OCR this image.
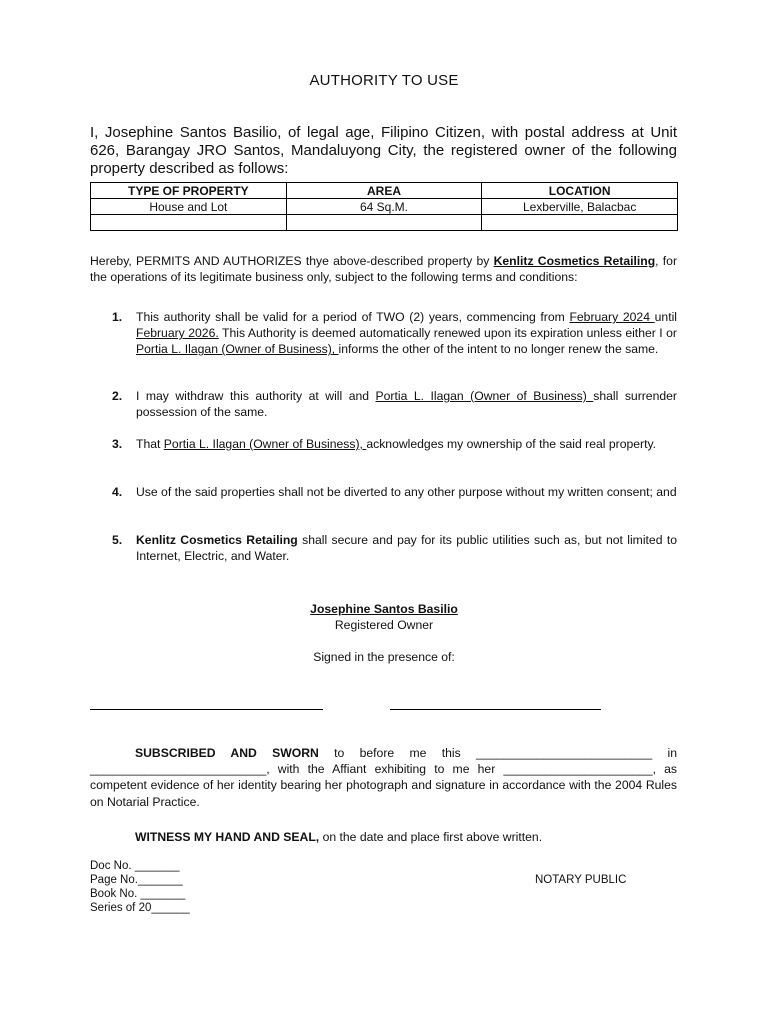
AUTHORITY TO USE
I, Josephine Santos Basilio, of legal age, Filipino Citizen, with postal address at Unit 626, Barangay JRO Santos, Mandaluyong City, the registered owner of the following property described as follows:
TYPE OF PROPERTY	AREA	LOCATION
House and Lot	64 Sq.M.	Lexberville, Balacbac

Hereby, PERMITS AND AUTHORIZES thye above-described property by Kenlitz Cosmetics Retailing, for the operations of its legitimate business only, subject to the following terms and conditions:
1.	This authority shall be valid for a period of TWO (2) years, commencing from February 2024 until February 2026. This Authority is deemed automatically renewed upon its expiration unless either I or Portia L. Ilagan (Owner of Business), informs the other of the intent to no longer renew the same.
2.	I may withdraw this authority at will and Portia L. Ilagan (Owner of Business) shall surrender possession of the same.
3.	That Portia L. Ilagan (Owner of Business), acknowledges my ownership of the said real property.
4.	Use of the said properties shall not be diverted to any other purpose without my written consent; and
5.	Kenlitz Cosmetics Retailing shall secure and pay for its public utilities such as, but not limited to Internet, Electric, and Water.
Josephine Santos Basilio
Registered Owner
Signed in the presence of:
SUBSCRIBED AND SWORN to before me this __________________________ in __________________________, with the Affiant exhibiting to me her ______________________, as competent evidence of her identity bearing her photograph and signature in accordance with the 2004 Rules on Notarial Practice.
WITNESS MY HAND AND SEAL, on the date and place first above written.
Doc No. _______
Page No._______
Book No. _______
Series of 20______
NOTARY PUBLIC
